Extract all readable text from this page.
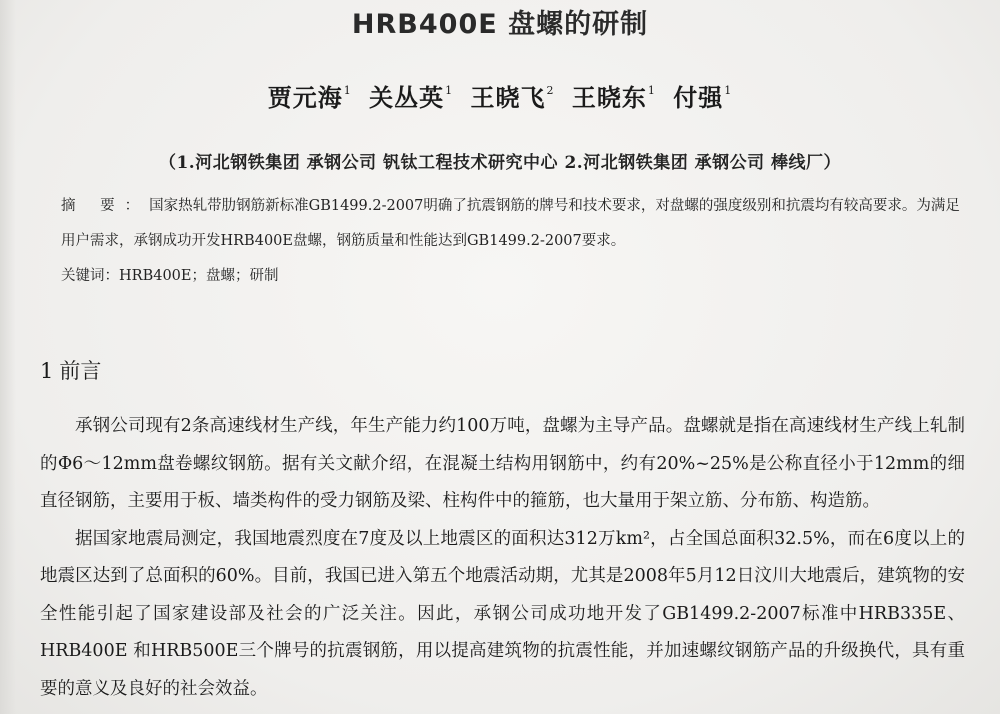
HRB400E 盘螺的研制
贾元海$^1$ 关丛英$^1$ 王晓飞$^2$ 王晓东$^1$ 付强$^1$
（1.河北钢铁集团 承钢公司 钒钛工程技术研究中心 2.河北钢铁集团 承钢公司 棒线厂）
摘 要：国家热轧带肋钢筋新标准GB1499.2-2007明确了抗震钢筋的牌号和技术要求，对盘螺的强度级别和抗震均有较高要求。为满足用户需求，承钢成功开发HRB400E盘螺，钢筋质量和性能达到GB1499.2-2007要求。
关键词：HRB400E；盘螺；研制
1 前言

承钢公司现有2条高速线材生产线，年生产能力约100万吨，盘螺为主导产品。盘螺就是指在高速线材生产线上轧制的Φ6～12mm盘卷螺纹钢筋。据有关文献介绍，在混凝土结构用钢筋中，约有20%~25%是公称直径小于12mm的细直径钢筋，主要用于板、墙类构件的受力钢筋及梁、柱构件中的箍筋，也大量用于架立筋、分布筋、构造筋。

据国家地震局测定，我国地震烈度在7度及以上地震区的面积达312万km²，占全国总面积32.5%，而在6度以上的地震区达到了总面积的60%。目前，我国已进入第五个地震活动期，尤其是2008年5月12日汶川大地震后，建筑物的安全性能引起了国家建设部及社会的广泛关注。因此，承钢公司成功地开发了GB1499.2-2007标准中HRB335E、HRB400E 和HRB500E三个牌号的抗震钢筋，用以提高建筑物的抗震性能，并加速螺纹钢筋产品的升级换代，具有重要的意义及良好的社会效益。
